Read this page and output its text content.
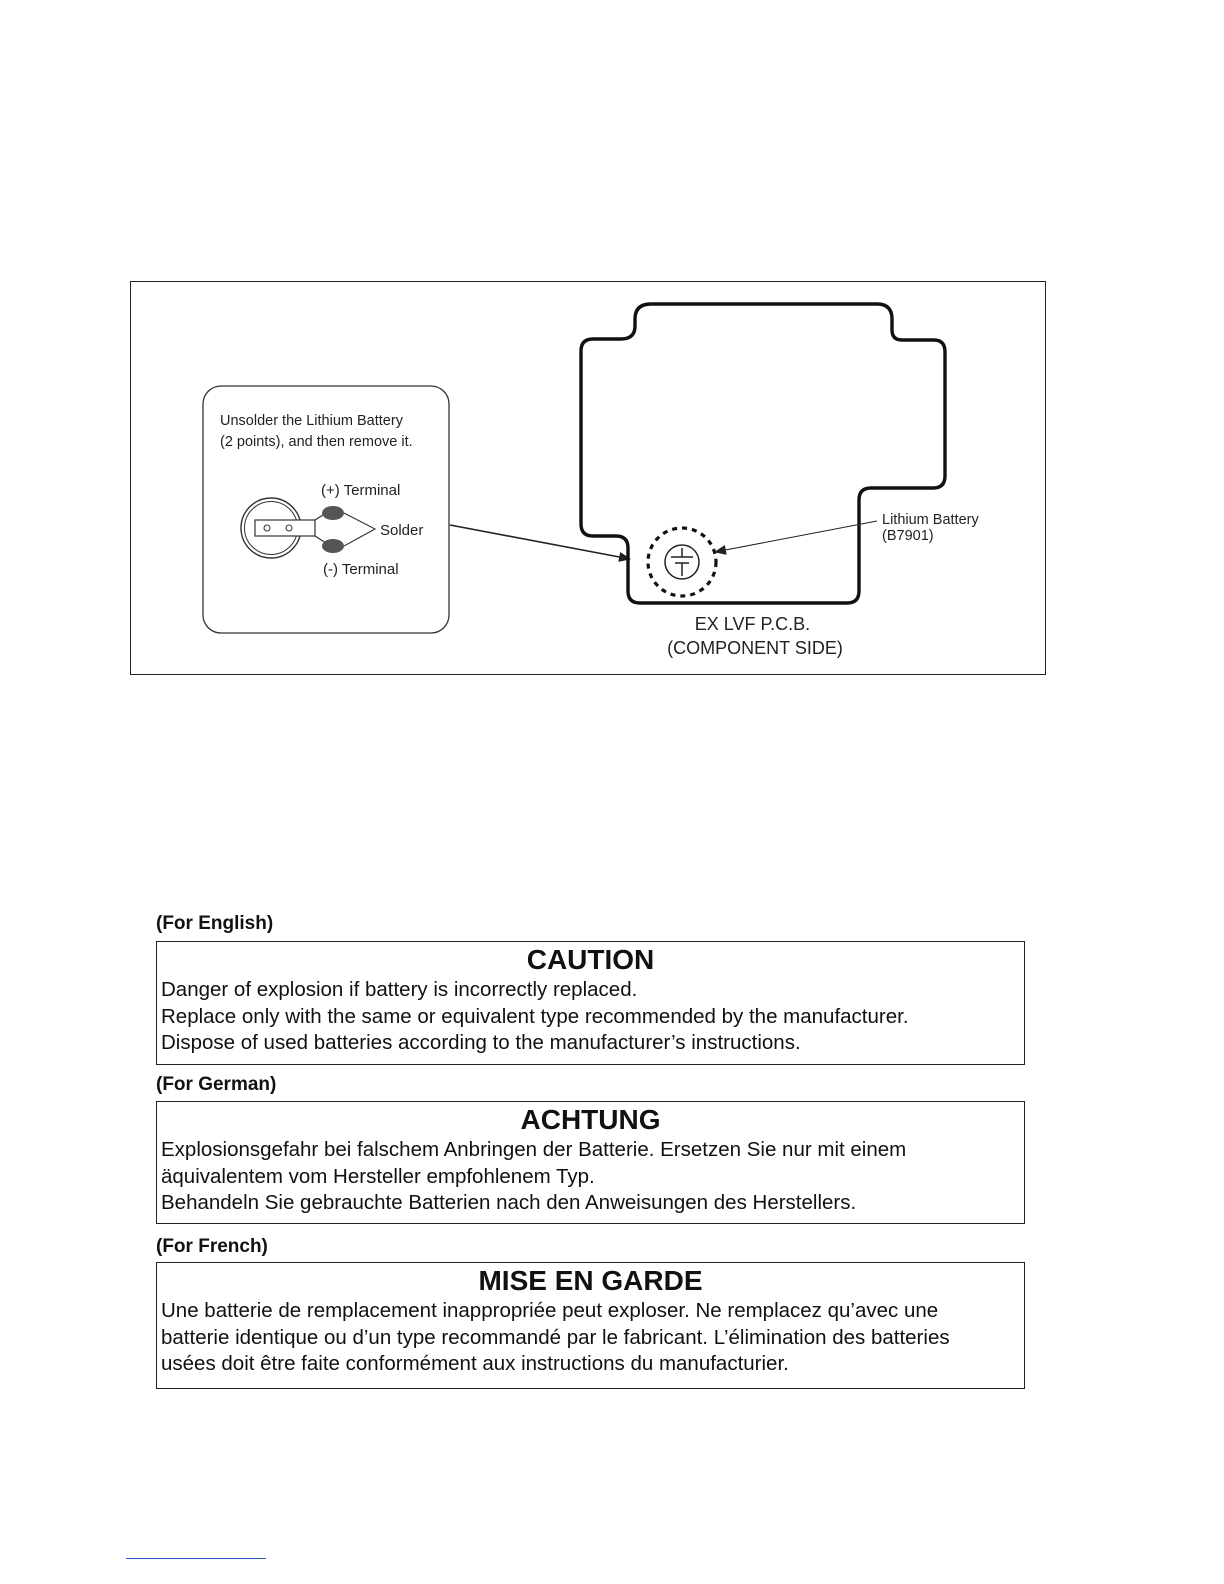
Unsolder the Lithium Battery (2 points), and then remove it.
(+) Terminal
Solder
(-) Terminal
Lithium Battery (B7901)
EX LVF P.C.B. (COMPONENT SIDE)
(For English)
CAUTION
Danger of explosion if battery is incorrectly replaced.
Replace only with the same or equivalent type recommended by the manufacturer.
Dispose of used batteries according to the manufacturer’s instructions.
(For German)
ACHTUNG
Explosionsgefahr bei falschem Anbringen der Batterie. Ersetzen Sie nur mit einem
äquivalentem vom Hersteller empfohlenem Typ.
Behandeln Sie gebrauchte Batterien nach den Anweisungen des Herstellers.
(For French)
MISE EN GARDE
Une batterie de remplacement inappropriée peut exploser. Ne remplacez qu’avec une
batterie identique ou d’un type recommandé par le fabricant. L’élimination des batteries
usées doit être faite conformément aux instructions du manufacturier.
